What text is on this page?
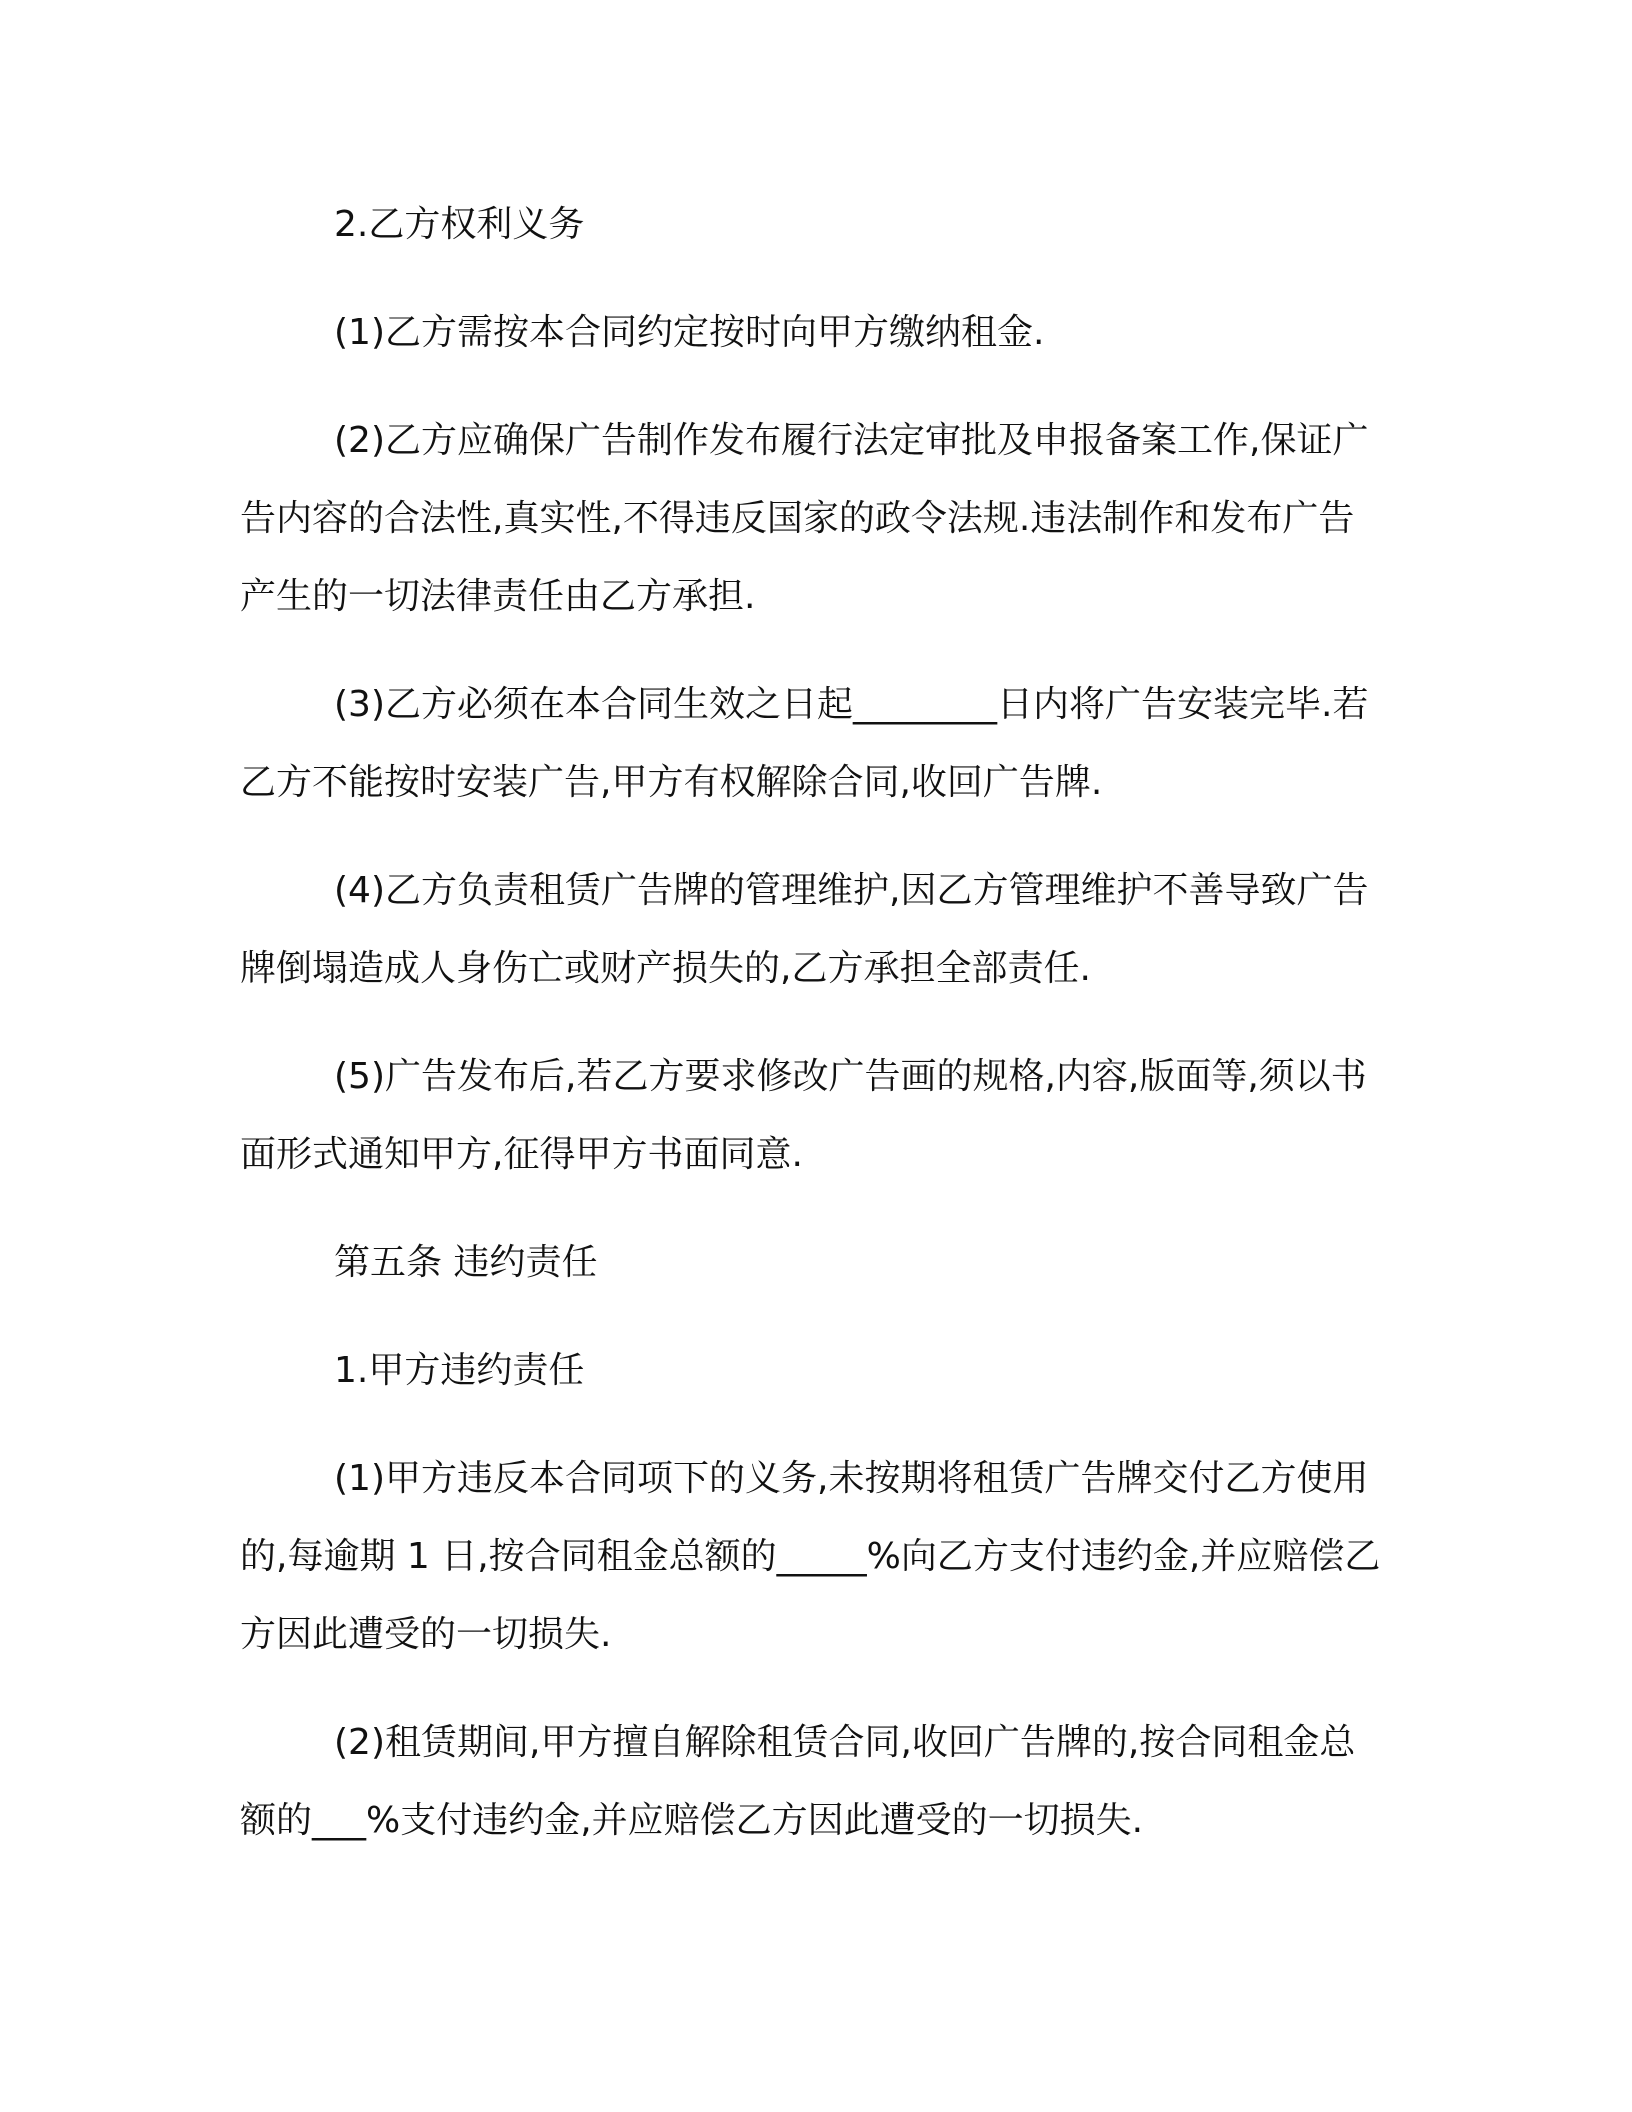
2.乙方权利义务

(1)乙方需按本合同约定按时向甲方缴纳租金.

(2)乙方应确保广告制作发布履行法定审批及申报备案工作,保证广告内容的合法性,真实性,不得违反国家的政令法规.违法制作和发布广告产生的一切法律责任由乙方承担.

(3)乙方必须在本合同生效之日起________日内将广告安装完毕.若乙方不能按时安装广告,甲方有权解除合同,收回广告牌.

(4)乙方负责租赁广告牌的管理维护,因乙方管理维护不善导致广告牌倒塌造成人身伤亡或财产损失的,乙方承担全部责任.

(5)广告发布后,若乙方要求修改广告画的规格,内容,版面等,须以书面形式通知甲方,征得甲方书面同意.

第五条 违约责任

1.甲方违约责任

(1)甲方违反本合同项下的义务,未按期将租赁广告牌交付乙方使用的,每逾期 1 日,按合同租金总额的_____%向乙方支付违约金,并应赔偿乙方因此遭受的一切损失.

(2)租赁期间,甲方擅自解除租赁合同,收回广告牌的,按合同租金总额的___%支付违约金,并应赔偿乙方因此遭受的一切损失.
